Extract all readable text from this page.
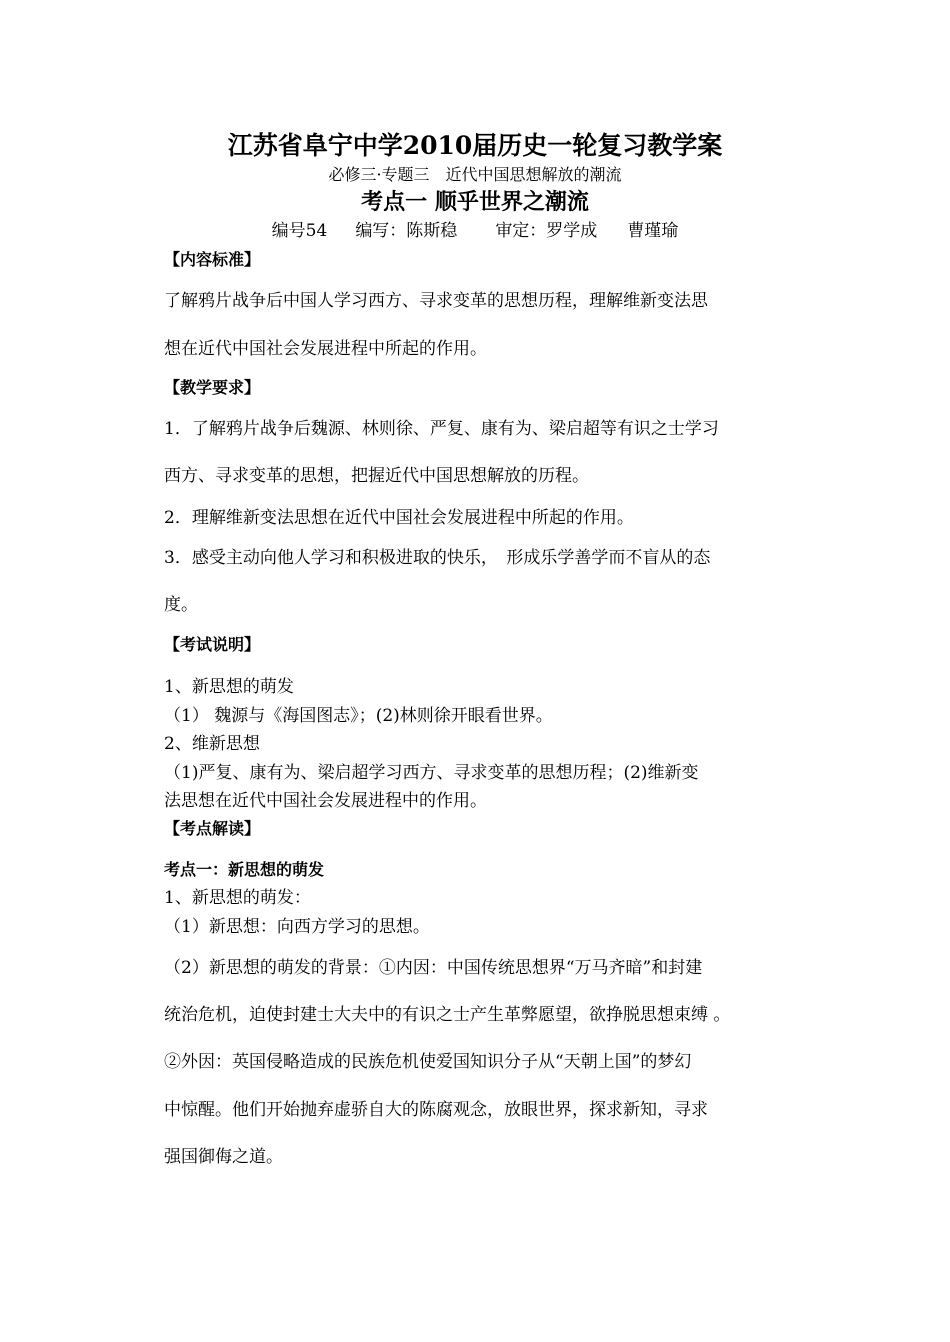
江苏省阜宁中学2010届历史一轮复习教学案
必修三·专题三　近代中国思想解放的潮流
考点一 顺乎世界之潮流
编号54 编写：陈斯稳 审定：罗学成 曹瑾瑜
【内容标准】
了解鸦片战争后中国人学习西方、寻求变革的思想历程，理解维新变法思
想在近代中国社会发展进程中所起的作用。
【教学要求】
1．了解鸦片战争后魏源、林则徐、严复、康有为、梁启超等有识之士学习
西方、寻求变革的思想，把握近代中国思想解放的历程。
2．理解维新变法思想在近代中国社会发展进程中所起的作用。
3．感受主动向他人学习和积极进取的快乐，　形成乐学善学而不盲从的态
度。
【考试说明】
1、新思想的萌发
（1） 魏源与《海国图志》；(2)林则徐开眼看世界。
2、维新思想
（1)严复、康有为、梁启超学习西方、寻求变革的思想历程；(2)维新变
法思想在近代中国社会发展进程中的作用。
【考点解读】
考点一：新思想的萌发
1、新思想的萌发：
（1）新思想：向西方学习的思想。
（2）新思想的萌发的背景：①内因：中国传统思想界“万马齐暗”和封建
统治危机，迫使封建士大夫中的有识之士产生革弊愿望，欲挣脱思想束缚 。
②外因：英国侵略造成的民族危机使爱国知识分子从“天朝上国”的梦幻
中惊醒。他们开始抛弃虚骄自大的陈腐观念，放眼世界，探求新知，寻求
强国御侮之道。
